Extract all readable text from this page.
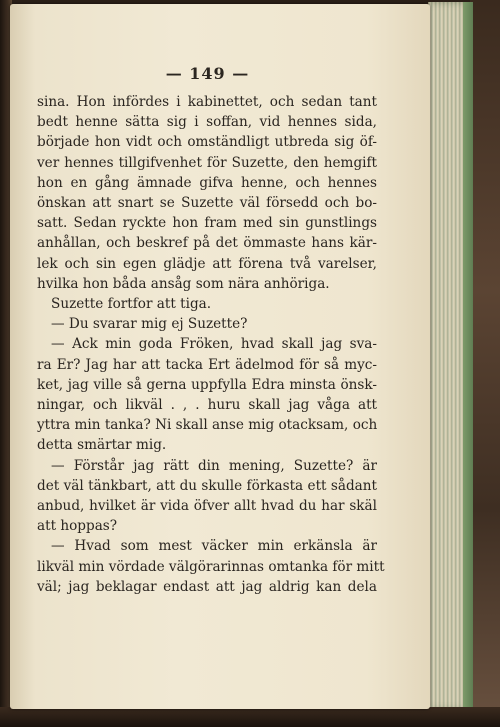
— 149 —
sina. Hon infördes i kabinettet, och sedan tant
bedt henne sätta sig i soffan, vid hennes sida,
började hon vidt och omständligt utbreda sig öf-
ver hennes tillgifvenhet för Suzette, den hemgift
hon en gång ämnade gifva henne, och hennes
önskan att snart se Suzette väl försedd och bo-
satt. Sedan ryckte hon fram med sin gunstlings
anhållan, och beskref på det ömmaste hans kär-
lek och sin egen glädje att förena två varelser,
hvilka hon båda ansåg som nära anhöriga.
Suzette fortfor att tiga.
— Du svarar mig ej Suzette?
— Ack min goda Fröken, hvad skall jag sva-
ra Er? Jag har att tacka Ert ädelmod för så myc-
ket, jag ville så gerna uppfylla Edra minsta önsk-
ningar, och likväl . , . huru skall jag våga att
yttra min tanka? Ni skall anse mig otacksam, och
detta smärtar mig.
— Förstår jag rätt din mening, Suzette? är
det väl tänkbart, att du skulle förkasta ett sådant
anbud, hvilket är vida öfver allt hvad du har skäl
att hoppas?
— Hvad som mest väcker min erkänsla är
likväl min vördade välgörarinnas omtanka för mitt
väl; jag beklagar endast att jag aldrig kan dela
